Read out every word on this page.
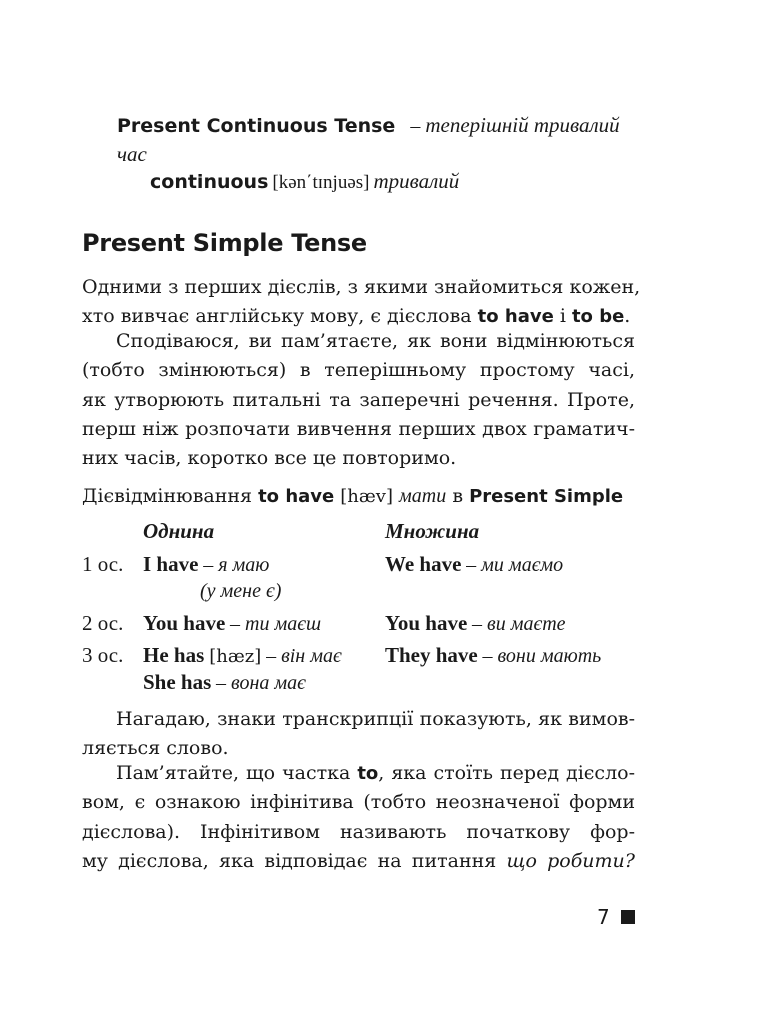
Present Continuous Tense – теперішній тривалий
час
continuous [kən΄tɪnjuəs] тривалий
Present Simple Tense
Одними з перших дієслів, з якими знайомиться кожен,
хто вивчає англійську мову, є дієслова to have і to be.
Сподіваюся, ви пам’ятаєте, як вони відмінюються
(тобто змінюються) в теперішньому простому часі,
як утворюють питальні та заперечні речення. Проте,
перш ніж розпочати вивчення перших двох граматич-
них часів, коротко все це повторимо.
Дієвідмінювання to have [hæv] мати в Present Simple
Однина	Множина
1 ос. I have – я маю
(у мене є)
We have – ми маємо
2 ос. You have – ти маєш	You have – ви маєте
3 ос. He has [hæz] – він має
She has – вона має
They have – вони мають
Нагадаю, знаки транскрипції показують, як вимов-
ляється слово.
Пам’ятайте, що частка to, яка стоїть перед дієсло-
вом, є ознакою інфінітива (тобто неозначеної форми
дієслова). Інфінітивом називають початкову фор-
му дієслова, яка відповідає на питання що робити?
7
